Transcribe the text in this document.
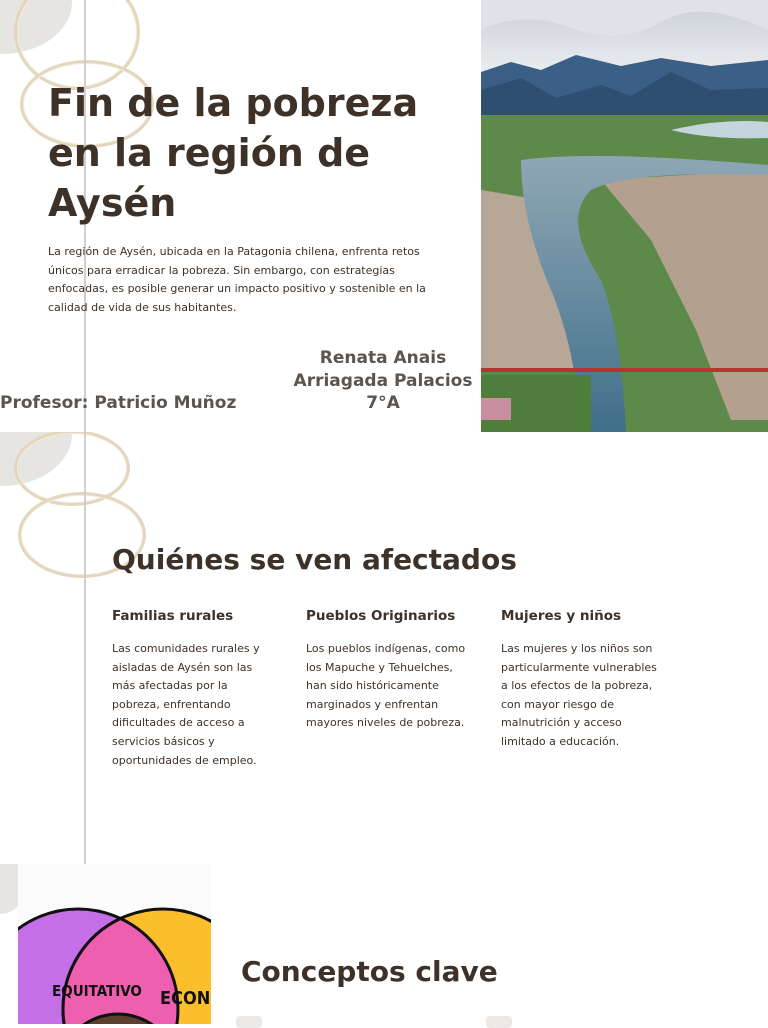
Fin de la pobreza en la región de Aysén

La región de Aysén, ubicada en la Patagonia chilena, enfrenta retos únicos para erradicar la pobreza. Sin embargo, con estrategias enfocadas, es posible generar un impacto positivo y sostenible en la calidad de vida de sus habitantes.

Renata Anais
Arriagada Palacios
7°A
Profesor: Patricio Muñoz
Quiénes se ven afectados
Familias rurales

Las comunidades rurales y aisladas de Aysén son las más afectadas por la pobreza, enfrentando dificultades de acceso a servicios básicos y oportunidades de empleo.

Pueblos Originarios

Los pueblos indígenas, como los Mapuche y Tehuelches, han sido históricamente marginados y enfrentan mayores niveles de pobreza.

Mujeres y niños

Las mujeres y los niños son particularmente vulnerables a los efectos de la pobreza, con mayor riesgo de malnutrición y acceso limitado a educación.

EQUITATIVO ECON
Conceptos clave
